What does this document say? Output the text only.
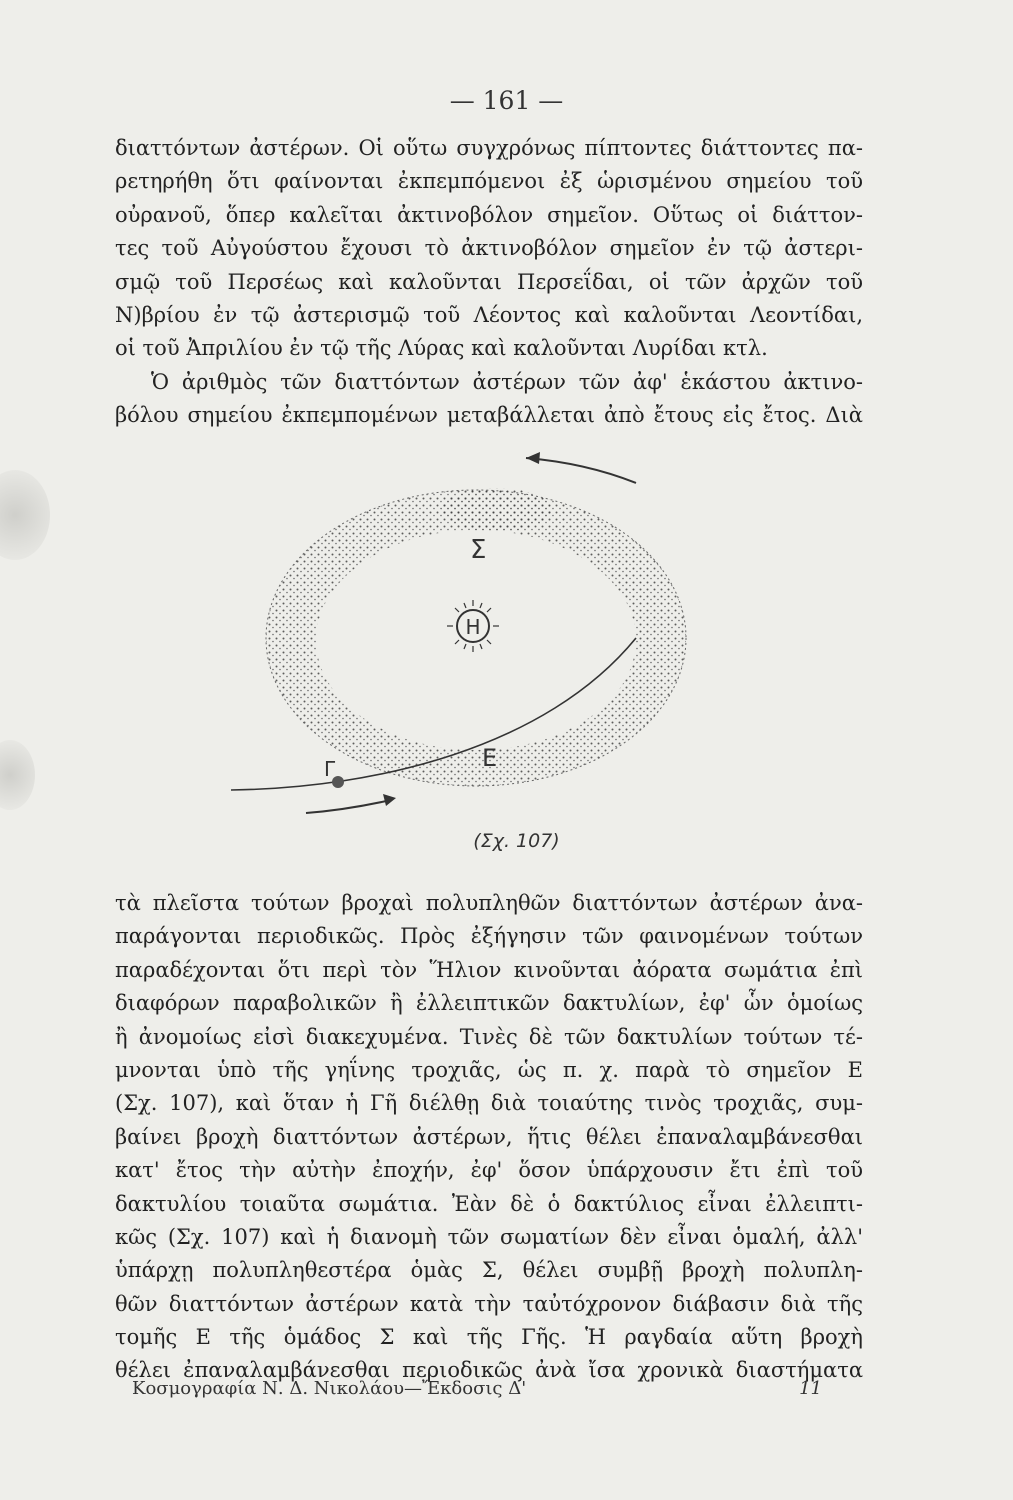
— 161 —
διαττόντων ἀστέρων. Οἱ οὕτω συγχρόνως πίπτοντες διάττοντες πα-
ρετηρήθη ὅτι φαίνονται ἐκπεμπόμενοι ἐξ ὡρισμένου σημείου τοῦ
οὐρανοῦ, ὅπερ καλεῖται ἀκτινοβόλον σημεῖον. Οὕτως οἱ διάττον-
τες τοῦ Αὐγούστου ἔχουσι τὸ ἀκτινοβόλον σημεῖον ἐν τῷ ἀστερι-
σμῷ τοῦ Περσέως καὶ καλοῦνται Περσεΐδαι, οἱ τῶν ἀρχῶν τοῦ
Ν)βρίου ἐν τῷ ἀστερισμῷ τοῦ Λέοντος καὶ καλοῦνται Λεοντίδαι,
οἱ τοῦ Ἀπριλίου ἐν τῷ τῆς Λύρας καὶ καλοῦνται Λυρίδαι κτλ.
Ὁ ἀριθμὸς τῶν διαττόντων ἀστέρων τῶν ἀφ' ἑκάστου ἀκτινο-
βόλου σημείου ἐκπεμπομένων μεταβάλλεται ἀπὸ ἔτους εἰς ἔτος. Διὰ
Η
Σ
Γ	Ε
(Σχ. 107)
τὰ πλεῖστα τούτων βροχαὶ πολυπληθῶν διαττόντων ἀστέρων ἀνα-
παράγονται περιοδικῶς. Πρὸς ἐξήγησιν τῶν φαινομένων τούτων
παραδέχονται ὅτι περὶ τὸν Ἥλιον κινοῦνται ἀόρατα σωμάτια ἐπὶ
διαφόρων παραβολικῶν ἢ ἐλλειπτικῶν δακτυλίων, ἐφ' ὧν ὁμοίως
ἢ ἀνομοίως εἰσὶ διακεχυμένα. Τινὲς δὲ τῶν δακτυλίων τούτων τέ-
μνονται ὑπὸ τῆς γηΐνης τροχιᾶς, ὡς π. χ. παρὰ τὸ σημεῖον Ε
(Σχ. 107), καὶ ὅταν ἡ Γῆ διέλθῃ διὰ τοιαύτης τινὸς τροχιᾶς, συμ-
βαίνει βροχὴ διαττόντων ἀστέρων, ἥτις θέλει ἐπαναλαμβάνεσθαι
κατ' ἔτος τὴν αὐτὴν ἐποχήν, ἐφ' ὅσον ὑπάρχουσιν ἔτι ἐπὶ τοῦ
δακτυλίου τοιαῦτα σωμάτια. Ἐὰν δὲ ὁ δακτύλιος εἶναι ἐλλειπτι-
κῶς (Σχ. 107) καὶ ἡ διανομὴ τῶν σωματίων δὲν εἶναι ὁμαλή, ἀλλ'
ὑπάρχῃ πολυπληθεστέρα ὁμὰς Σ, θέλει συμβῇ βροχὴ πολυπλη-
θῶν διαττόντων ἀστέρων κατὰ τὴν ταὐτόχρονον διάβασιν διὰ τῆς
τομῆς Ε τῆς ὁμάδος Σ καὶ τῆς Γῆς. Ἡ ραγδαία αὕτη βροχὴ
θέλει ἐπαναλαμβάνεσθαι περιοδικῶς ἀνὰ ἴσα χρονικὰ διαστήματα
Κοσμογραφία Ν. Δ. Νικολάου—Ἔκδοσις Δ'	11
